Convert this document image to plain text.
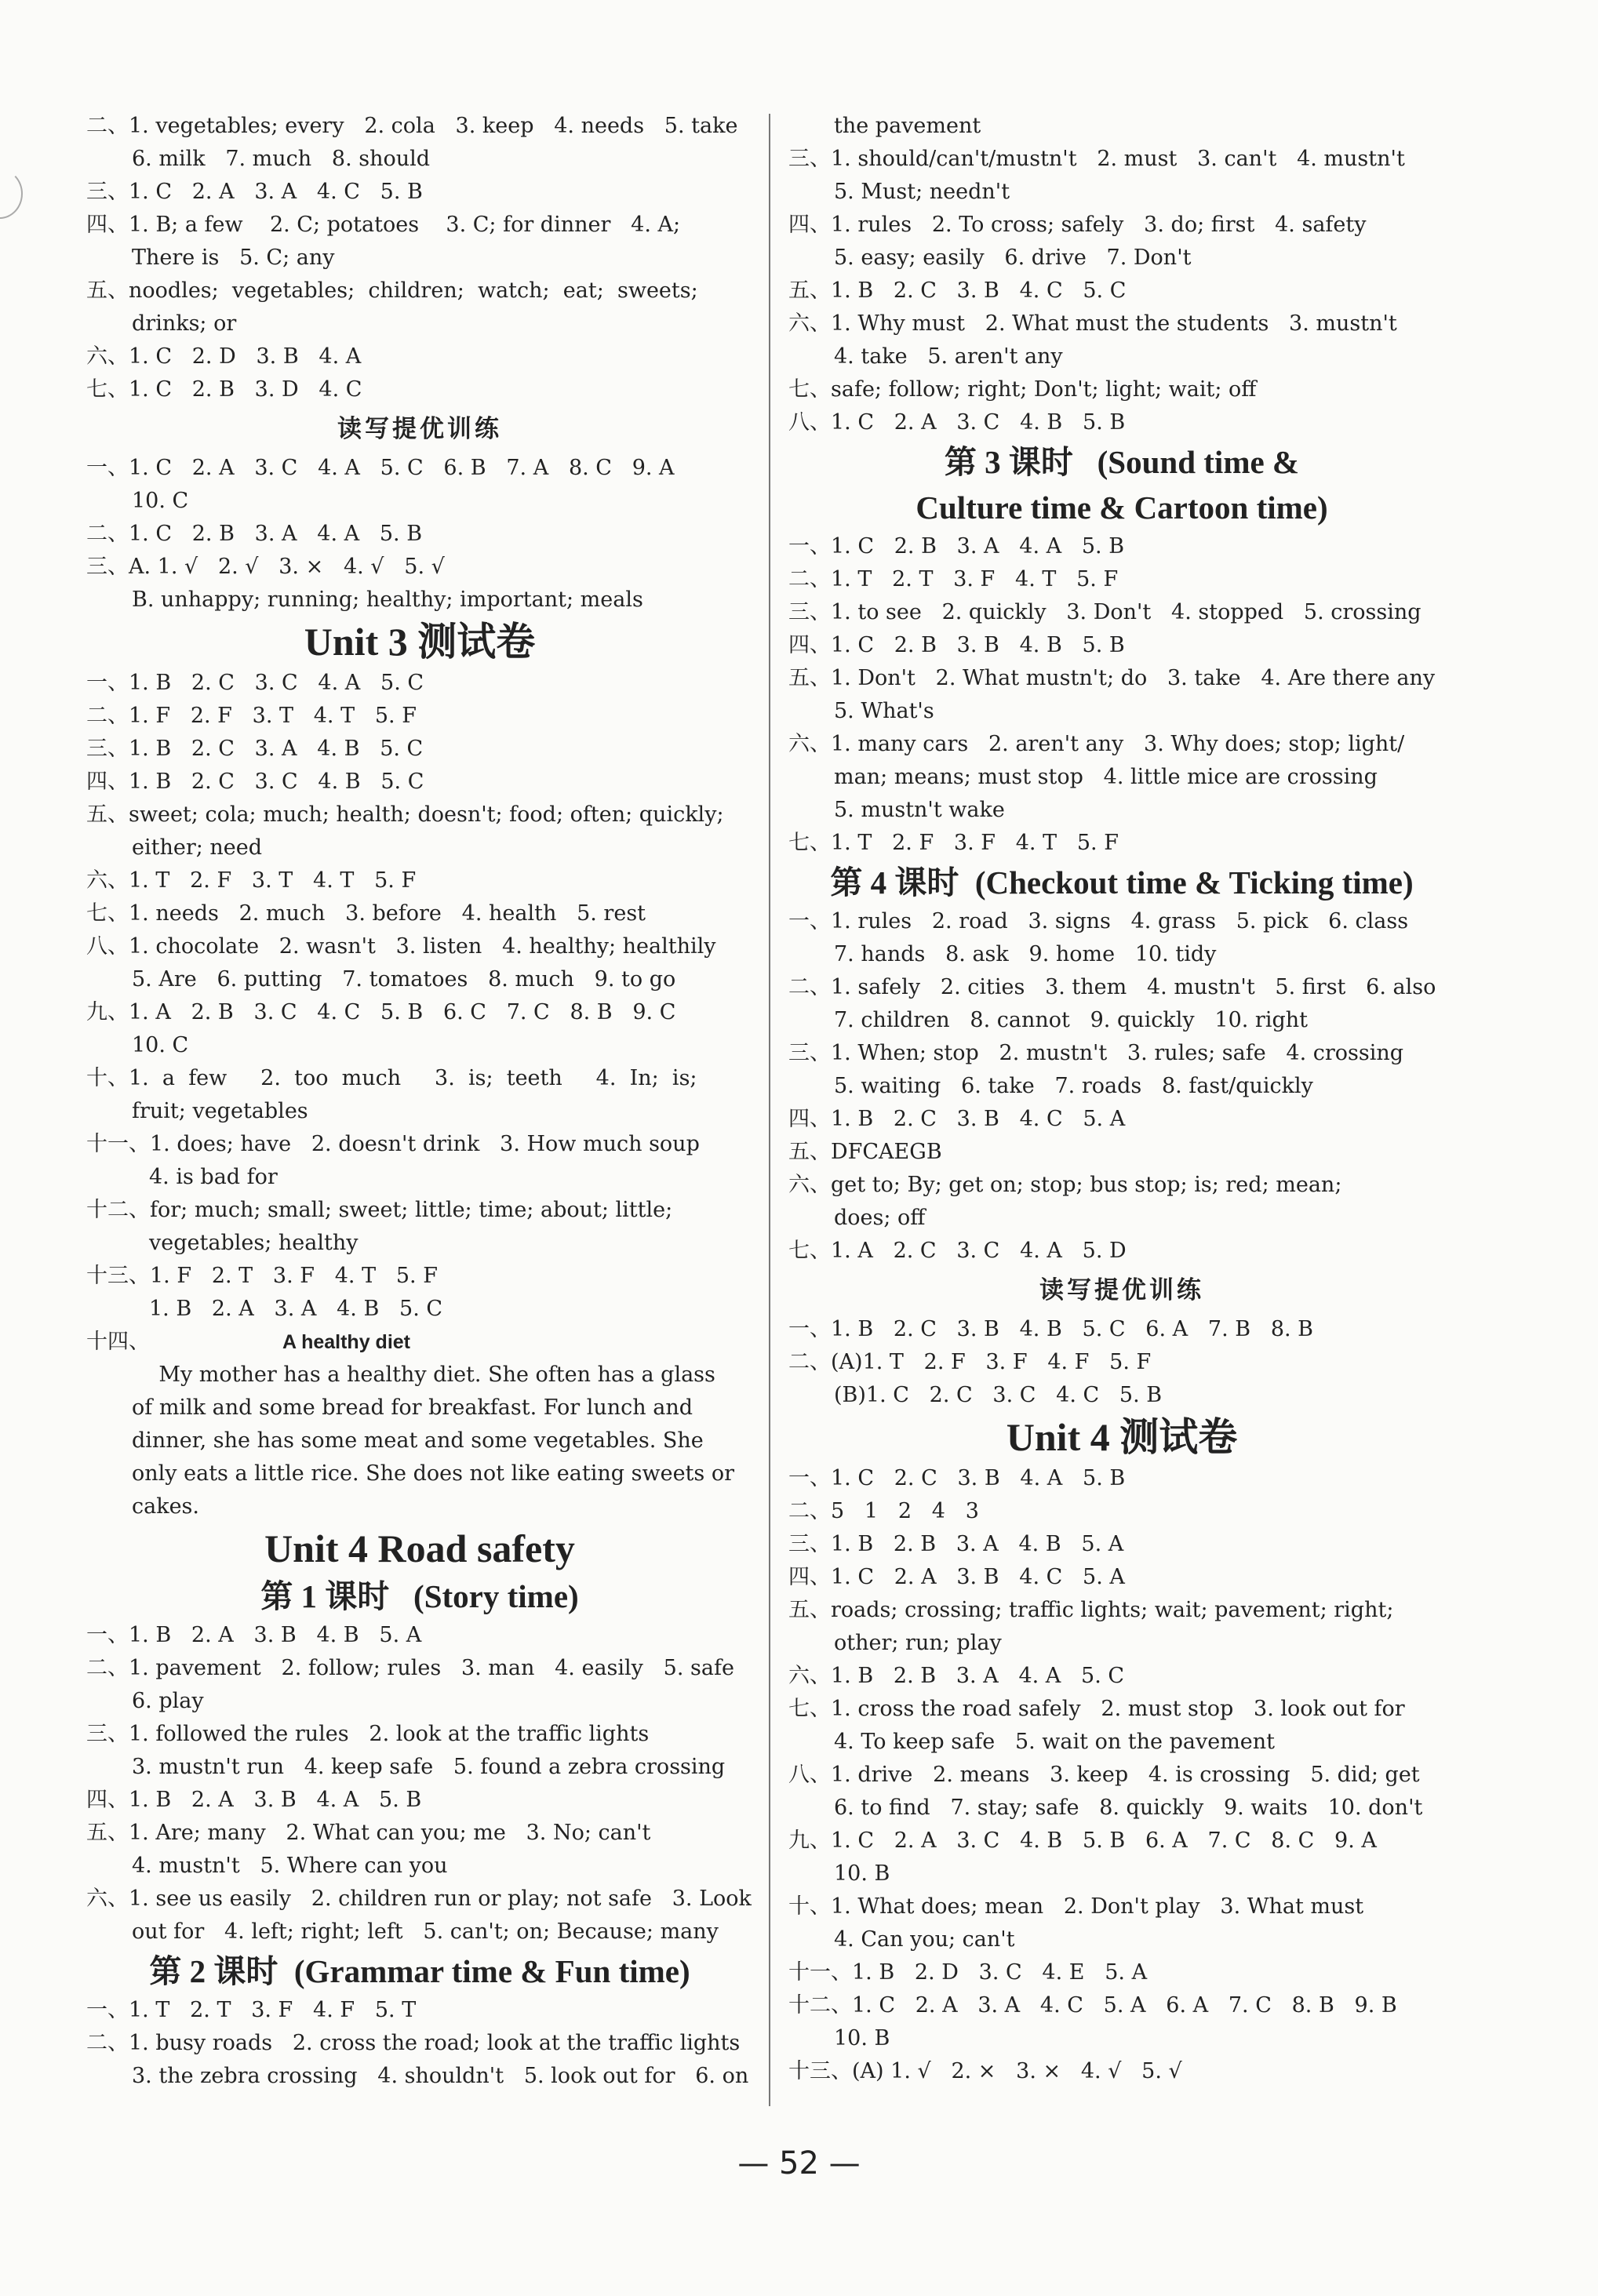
二、1. vegetables; every   2. cola   3. keep   4. needs   5. take
6. milk   7. much   8. should
三、1. C   2. A   3. A   4. C   5. B
四、1. B; a few    2. C; potatoes    3. C; for dinner   4. A;
There is   5. C; any
五、noodles;  vegetables;  children;  watch;  eat;  sweets;
drinks; or
六、1. C   2. D   3. B   4. A
七、1. C   2. B   3. D   4. C
读写提优训练
一、1. C   2. A   3. C   4. A   5. C   6. B   7. A   8. C   9. A
10. C
二、1. C   2. B   3. A   4. A   5. B
三、A. 1. √   2. √   3. ×   4. √   5. √
B. unhappy; running; healthy; important; meals
Unit 3 测试卷
一、1. B   2. C   3. C   4. A   5. C
二、1. F   2. F   3. T   4. T   5. F
三、1. B   2. C   3. A   4. B   5. C
四、1. B   2. C   3. C   4. B   5. C
五、sweet; cola; much; health; doesn't; food; often; quickly;
either; need
六、1. T   2. F   3. T   4. T   5. F
七、1. needs   2. much   3. before   4. health   5. rest
八、1. chocolate   2. wasn't   3. listen   4. healthy; healthily
5. Are   6. putting   7. tomatoes   8. much   9. to go
九、1. A   2. B   3. C   4. C   5. B   6. C   7. C   8. B   9. C
10. C
十、1.  a  few     2.  too  much     3.  is;  teeth     4.  In;  is;
fruit; vegetables
十一、1. does; have   2. doesn't drink   3. How much soup
4. is bad for
十二、for; much; small; sweet; little; time; about; little;
vegetables; healthy
十三、1. F   2. T   3. F   4. T   5. F
1. B   2. A   3. A   4. B   5. C
十四、	A healthy diet
My mother has a healthy diet. She often has a glass
of milk and some bread for breakfast. For lunch and
dinner, she has some meat and some vegetables. She
only eats a little rice. She does not like eating sweets or
cakes.
Unit 4 Road safety
第 1 课时   (Story time)
一、1. B   2. A   3. B   4. B   5. A
二、1. pavement   2. follow; rules   3. man   4. easily   5. safe
6. play
三、1. followed the rules   2. look at the traffic lights
3. mustn't run   4. keep safe   5. found a zebra crossing
四、1. B   2. A   3. B   4. A   5. B
五、1. Are; many   2. What can you; me   3. No; can't
4. mustn't   5. Where can you
六、1. see us easily   2. children run or play; not safe   3. Look
out for   4. left; right; left   5. can't; on; Because; many
第 2 课时  (Grammar time & Fun time)
一、1. T   2. T   3. F   4. F   5. T
二、1. busy roads   2. cross the road; look at the traffic lights
3. the zebra crossing   4. shouldn't   5. look out for   6. on
the pavement
三、1. should/can't/mustn't   2. must   3. can't   4. mustn't
5. Must; needn't
四、1. rules   2. To cross; safely   3. do; first   4. safety
5. easy; easily   6. drive   7. Don't
五、1. B   2. C   3. B   4. C   5. C
六、1. Why must   2. What must the students   3. mustn't
4. take   5. aren't any
七、safe; follow; right; Don't; light; wait; off
八、1. C   2. A   3. C   4. B   5. B
第 3 课时   (Sound time &
Culture time & Cartoon time)
一、1. C   2. B   3. A   4. A   5. B
二、1. T   2. T   3. F   4. T   5. F
三、1. to see   2. quickly   3. Don't   4. stopped   5. crossing
四、1. C   2. B   3. B   4. B   5. B
五、1. Don't   2. What mustn't; do   3. take   4. Are there any
5. What's
六、1. many cars   2. aren't any   3. Why does; stop; light/
man; means; must stop   4. little mice are crossing
5. mustn't wake
七、1. T   2. F   3. F   4. T   5. F
第 4 课时  (Checkout time & Ticking time)
一、1. rules   2. road   3. signs   4. grass   5. pick   6. class
7. hands   8. ask   9. home   10. tidy
二、1. safely   2. cities   3. them   4. mustn't   5. first   6. also
7. children   8. cannot   9. quickly   10. right
三、1. When; stop   2. mustn't   3. rules; safe   4. crossing
5. waiting   6. take   7. roads   8. fast/quickly
四、1. B   2. C   3. B   4. C   5. A
五、DFCAEGB
六、get to; By; get on; stop; bus stop; is; red; mean;
does; off
七、1. A   2. C   3. C   4. A   5. D
读写提优训练
一、1. B   2. C   3. B   4. B   5. C   6. A   7. B   8. B
二、(A)1. T   2. F   3. F   4. F   5. F
(B)1. C   2. C   3. C   4. C   5. B
Unit 4 测试卷
一、1. C   2. C   3. B   4. A   5. B
二、5   1   2   4   3
三、1. B   2. B   3. A   4. B   5. A
四、1. C   2. A   3. B   4. C   5. A
五、roads; crossing; traffic lights; wait; pavement; right;
other; run; play
六、1. B   2. B   3. A   4. A   5. C
七、1. cross the road safely   2. must stop   3. look out for
4. To keep safe   5. wait on the pavement
八、1. drive   2. means   3. keep   4. is crossing   5. did; get
6. to find   7. stay; safe   8. quickly   9. waits   10. don't
九、1. C   2. A   3. C   4. B   5. B   6. A   7. C   8. C   9. A
10. B
十、1. What does; mean   2. Don't play   3. What must
4. Can you; can't
十一、1. B   2. D   3. C   4. E   5. A
十二、1. C   2. A   3. A   4. C   5. A   6. A   7. C   8. B   9. B
10. B
十三、(A) 1. √   2. ×   3. ×   4. √   5. √
— 52 —
